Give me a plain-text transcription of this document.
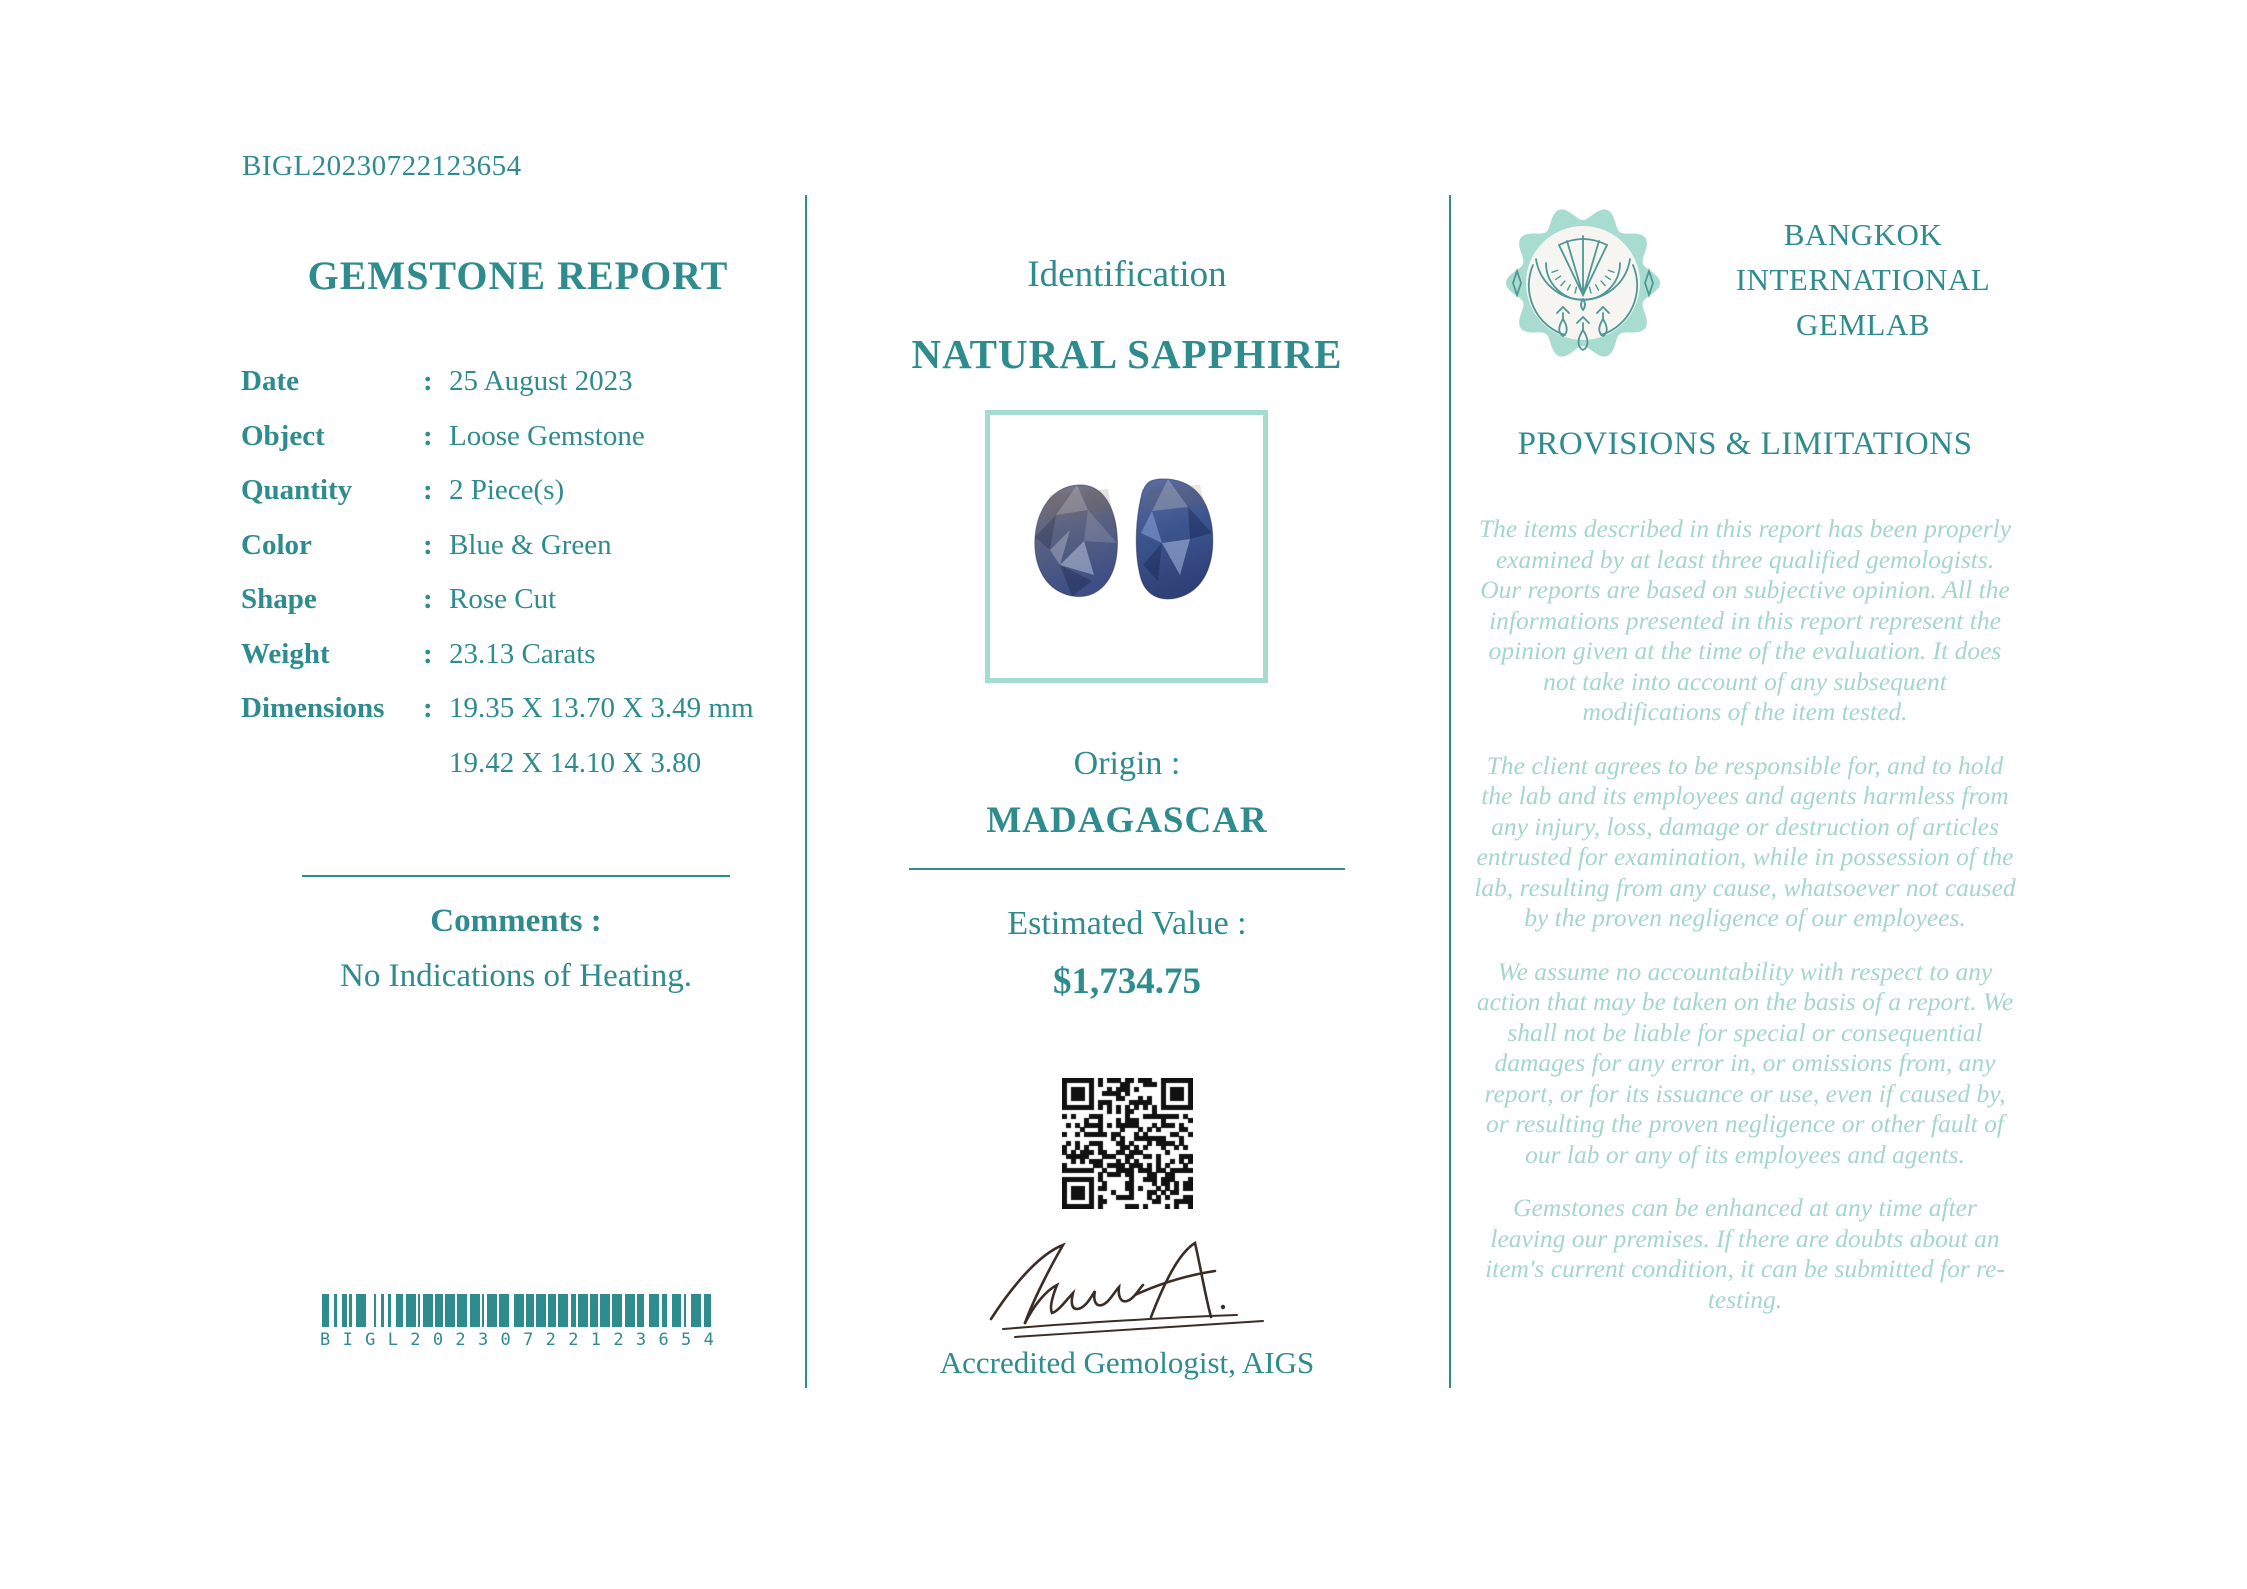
BIGL20230722123654
GEMSTONE REPORT
Date	: 25 August 2023
Object	: Loose Gemstone
Quantity	: 2 Piece(s)
Color	: Blue & Green
Shape	: Rose Cut
Weight	: 23.13 Carats
Dimensions	: 19.35 X 13.70 X 3.49 mm
19.42 X 14.10 X 3.80
Comments :
No Indications of Heating.
B I G L 2 0 2 3 0 7 2 2 1 2 3 6 5 4
Identification
NATURAL SAPPHIRE
Origin :
MADAGASCAR
Estimated Value :
$1,734.75
Accredited Gemologist, AIGS
BANGKOK
INTERNATIONAL
GEMLAB
PROVISIONS & LIMITATIONS

The items described in this report has been properly examined by at least three qualified gemologists. Our reports are based on subjective opinion. All the informations presented in this report represent the opinion given at the time of the evaluation. It does not take into account of any subsequent modifications of the item tested.

The client agrees to be responsible for, and to hold the lab and its employees and agents harmless from any injury, loss, damage or destruction of articles entrusted for examination, while in possession of the lab, resulting from any cause, whatsoever not caused by the proven negligence of our employees.

We assume no accountability with respect to any action that may be taken on the basis of a report. We shall not be liable for special or consequential damages for any error in, or omissions from, any report, or for its issuance or use, even if caused by, or resulting the proven negligence or other fault of our lab or any of its employees and agents.

Gemstones can be enhanced at any time after leaving our premises. If there are doubts about an item's current condition, it can be submitted for re-testing.
